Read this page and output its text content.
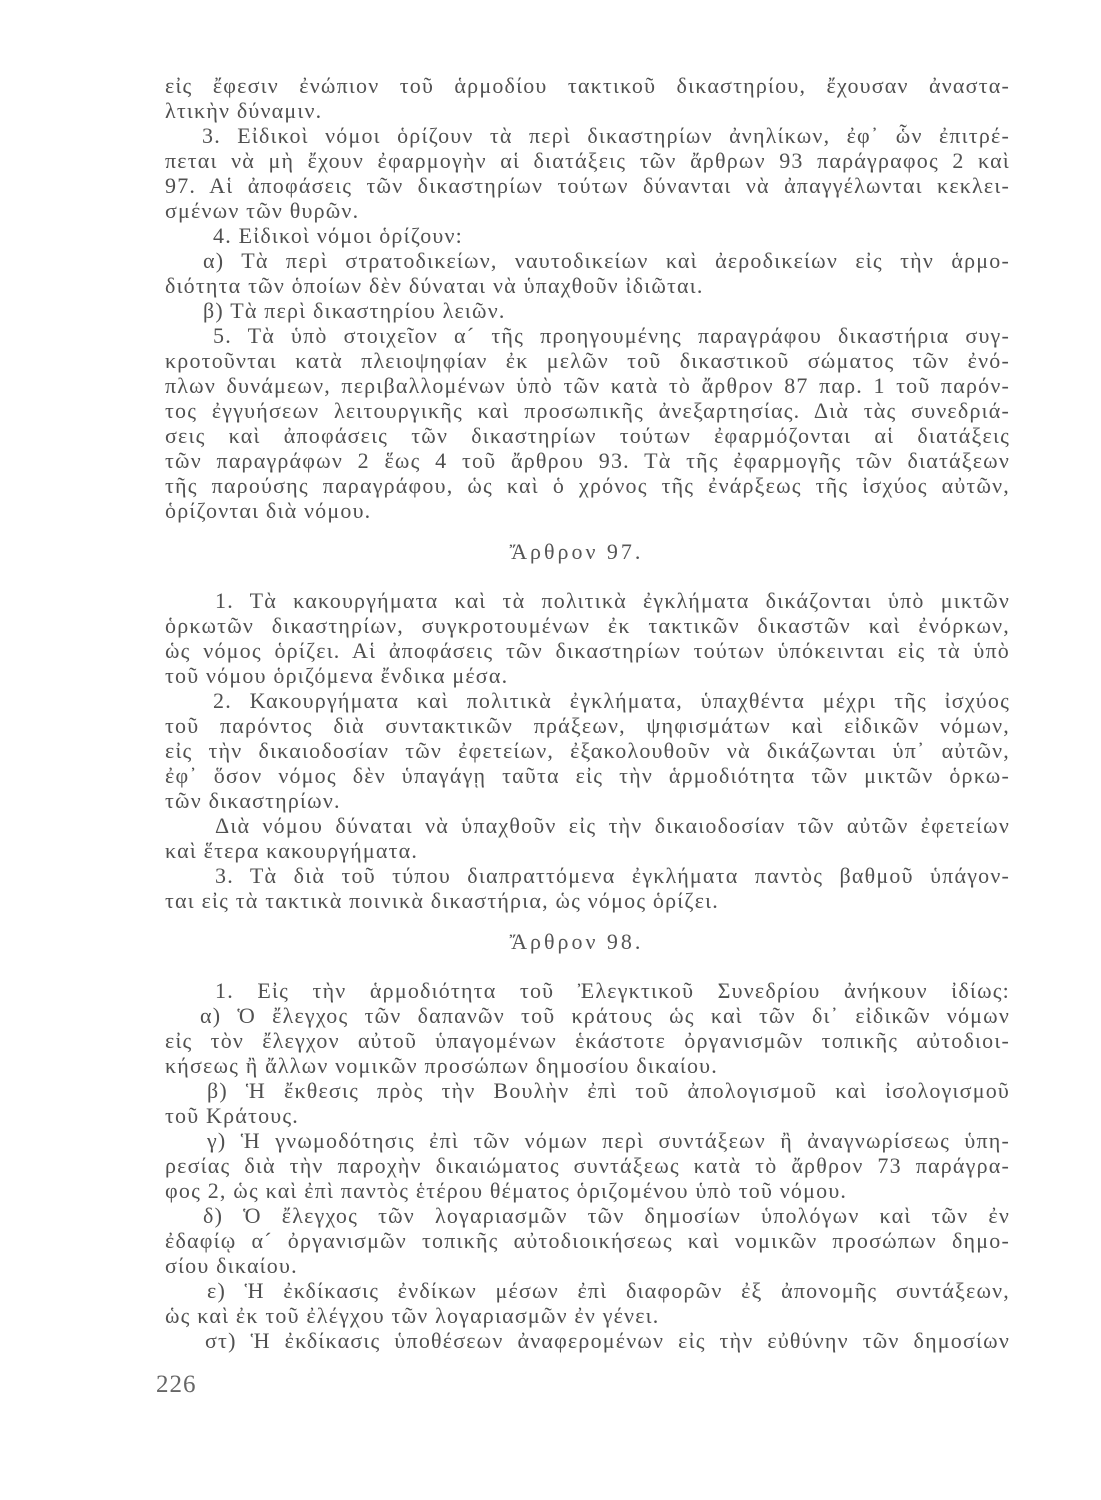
εἰς ἔφεσιν ἐνώπιον τοῦ ἁρμοδίου τακτικοῦ δικαστηρίου, ἔχουσαν ἀναστα-
λτικὴν δύναμιν.
3. Εἰδικοὶ νόμοι ὁρίζουν τὰ περὶ δικαστηρίων ἀνηλίκων, ἐφ᾽ ὧν ἐπιτρέ-
πεται νὰ μὴ ἔχουν ἐφαρμογὴν αἱ διατάξεις τῶν ἄρθρων 93 παράγραφος 2 καὶ
97. Αἱ ἀποφάσεις τῶν δικαστηρίων τούτων δύνανται νὰ ἀπαγγέλωνται κεκλει-
σμένων τῶν θυρῶν.
4. Εἰδικοὶ νόμοι ὁρίζουν:
α) Τὰ περὶ στρατοδικείων, ναυτοδικείων καὶ ἀεροδικείων εἰς τὴν ἁρμο-
διότητα τῶν ὁποίων δὲν δύναται νὰ ὑπαχθοῦν ἰδιῶται.
β) Τὰ περὶ δικαστηρίου λειῶν.
5. Τὰ ὑπὸ στοιχεῖον α´ τῆς προηγουμένης παραγράφου δικαστήρια συγ-
κροτοῦνται κατὰ πλειοψηφίαν ἐκ μελῶν τοῦ δικαστικοῦ σώματος τῶν ἐνό-
πλων δυνάμεων, περιβαλλομένων ὑπὸ τῶν κατὰ τὸ ἄρθρον 87 παρ. 1 τοῦ παρόν-
τος ἐγγυήσεων λειτουργικῆς καὶ προσωπικῆς ἀνεξαρτησίας. Διὰ τὰς συνεδριά-
σεις καὶ ἀποφάσεις τῶν δικαστηρίων τούτων ἐφαρμόζονται αἱ διατάξεις
τῶν παραγράφων 2 ἕως 4 τοῦ ἄρθρου 93. Τὰ τῆς ἐφαρμογῆς τῶν διατάξεων
τῆς παρούσης παραγράφου, ὡς καὶ ὁ χρόνος τῆς ἐνάρξεως τῆς ἰσχύος αὐτῶν,
ὁρίζονται διὰ νόμου.
Ἄρθρον 97.
1. Τὰ κακουργήματα καὶ τὰ πολιτικὰ ἐγκλήματα δικάζονται ὑπὸ μικτῶν
ὁρκωτῶν δικαστηρίων, συγκροτουμένων ἐκ τακτικῶν δικαστῶν καὶ ἐνόρκων,
ὡς νόμος ὁρίζει. Αἱ ἀποφάσεις τῶν δικαστηρίων τούτων ὑπόκεινται εἰς τὰ ὑπὸ
τοῦ νόμου ὁριζόμενα ἔνδικα μέσα.
2. Κακουργήματα καὶ πολιτικὰ ἐγκλήματα, ὑπαχθέντα μέχρι τῆς ἰσχύος
τοῦ παρόντος διὰ συντακτικῶν πράξεων, ψηφισμάτων καὶ εἰδικῶν νόμων,
εἰς τὴν δικαιοδοσίαν τῶν ἐφετείων, ἐξακολουθοῦν νὰ δικάζωνται ὑπ᾽ αὐτῶν,
ἐφ᾽ ὅσον νόμος δὲν ὑπαγάγῃ ταῦτα εἰς τὴν ἁρμοδιότητα τῶν μικτῶν ὁρκω-
τῶν δικαστηρίων.
Διὰ νόμου δύναται νὰ ὑπαχθοῦν εἰς τὴν δικαιοδοσίαν τῶν αὐτῶν ἐφετείων
καὶ ἕτερα κακουργήματα.
3. Τὰ διὰ τοῦ τύπου διαπραττόμενα ἐγκλήματα παντὸς βαθμοῦ ὑπάγον-
ται εἰς τὰ τακτικὰ ποινικὰ δικαστήρια, ὡς νόμος ὁρίζει.
Ἄρθρον 98.
1. Εἰς τὴν ἁρμοδιότητα τοῦ Ἐλεγκτικοῦ Συνεδρίου ἀνήκουν ἰδίως:
α) Ὁ ἔλεγχος τῶν δαπανῶν τοῦ κράτους ὡς καὶ τῶν δι᾽ εἰδικῶν νόμων
εἰς τὸν ἔλεγχον αὐτοῦ ὑπαγομένων ἑκάστοτε ὀργανισμῶν τοπικῆς αὐτοδιοι-
κήσεως ἢ ἄλλων νομικῶν προσώπων δημοσίου δικαίου.
β) Ἡ ἔκθεσις πρὸς τὴν Βουλὴν ἐπὶ τοῦ ἀπολογισμοῦ καὶ ἰσολογισμοῦ
τοῦ Κράτους.
γ) Ἡ γνωμοδότησις ἐπὶ τῶν νόμων περὶ συντάξεων ἢ ἀναγνωρίσεως ὑπη-
ρεσίας διὰ τὴν παροχὴν δικαιώματος συντάξεως κατὰ τὸ ἄρθρον 73 παράγρα-
φος 2, ὡς καὶ ἐπὶ παντὸς ἑτέρου θέματος ὁριζομένου ὑπὸ τοῦ νόμου.
δ) Ὁ ἔλεγχος τῶν λογαριασμῶν τῶν δημοσίων ὑπολόγων καὶ τῶν ἐν
ἐδαφίῳ α´ ὀργανισμῶν τοπικῆς αὐτοδιοικήσεως καὶ νομικῶν προσώπων δημο-
σίου δικαίου.
ε) Ἡ ἐκδίκασις ἐνδίκων μέσων ἐπὶ διαφορῶν ἐξ ἀπονομῆς συντάξεων,
ὡς καὶ ἐκ τοῦ ἐλέγχου τῶν λογαριασμῶν ἐν γένει.
στ) Ἡ ἐκδίκασις ὑποθέσεων ἀναφερομένων εἰς τὴν εὐθύνην τῶν δημοσίων
226
